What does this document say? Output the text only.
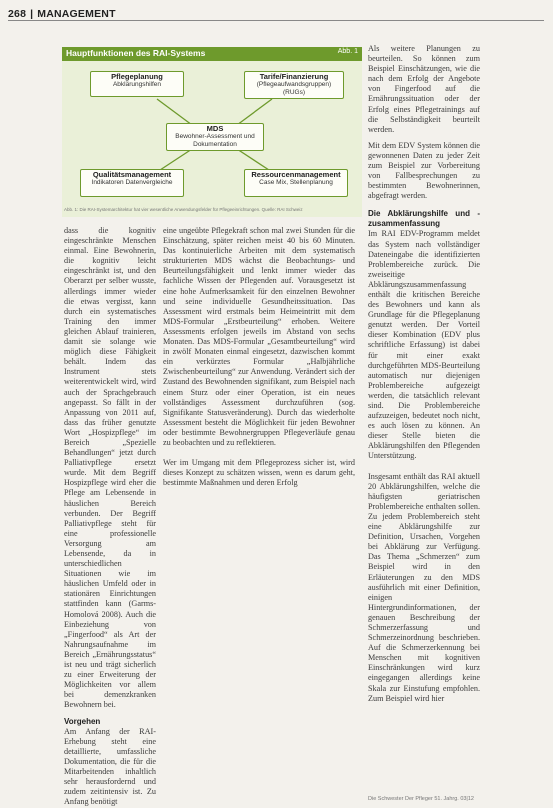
268 | MANAGEMENT
Hauptfunktionen des RAI-Systems	Abb. 1
Pflegeplanung
Abklärungshilfen
Tarife/Finanzierung
(Pflegeaufwandsgruppen) (RUGs)
MDS
Bewohner-Assessment und Dokumentation
Qualitätsmanagement
Indikatoren Datenvergleiche
Ressourcenmanagement
Case Mix, Stellenplanung
Abb. 1: Die RAI-Systemarchitektur hat vier wesentliche Anwendungsfelder für Pflegeeinrichtungen. Quelle: RAI Schweiz

dass die kognitiv eingeschränkte Menschen einmal. Eine Bewohnerin, die kognitiv leicht eingeschränkt ist, und den Oberarzt per selber wusste, allerdings immer wieder die etwas vergisst, kann durch ein systematisches Training den immer gleichen Ablauf trainieren, damit sie solange wie möglich diese Fähigkeit behält. Indem das Instrument stets weiterentwickelt wird, wird auch der Sprachgebrauch angepasst. So fällt in der Anpassung von 2011 auf, dass das früher genutzte Wort „Hospizpflege“ im Bereich „Spezielle Behandlungen“ jetzt durch Palliativpflege ersetzt wurde. Mit dem Begriff Hospizpflege wird eher die Pflege am Lebensende in häuslichen Bereich verbunden. Der Begriff Palliativpflege steht für eine professionelle Versorgung am Lebensende, da in unterschiedlichen Situationen wie im häuslichen Umfeld oder in stationären Einrichtungen stattfinden kann (Garms-Homolová 2008). Auch die Einbeziehung von „Fingerfood“ als Art der Nahrungsaufnahme im Bereich „Ernährungsstatus“ ist neu und trägt sicherlich zu einer Erweiterung der Möglichkeiten vor allem bei demenzkranken Bewohnern bei.

Vorgehen

Am Anfang der RAI-Erhebung steht eine detaillierte, umfassliche Dokumentation, die für die Mitarbeitenden inhaltlich sehr herausfordernd und zudem zeitintensiv ist. Zu Anfang benötigt

eine ungeübte Pflegekraft schon mal zwei Stunden für die Einschätzung, später reichen meist 40 bis 60 Minuten. Das kontinuierliche Arbeiten mit dem systematisch strukturierten MDS wächst die Beobachtungs- und Beurteilungsfähigkeit und lenkt immer wieder das fachliche Wissen der Pflegenden auf. Vorausgesetzt ist eine hohe Aufmerksamkeit für den einzelnen Bewohner und seine individuelle Gesundheitssituation. Das Assessment wird erstmals beim Heimeintritt mit dem MDS-Formular „Erstbeurteilung“ erhoben. Weitere Assessments erfolgen jeweils im Abstand von sechs Monaten. Das MDS-Formular „Gesamtbeurteilung“ wird in zwölf Monaten einmal eingesetzt, dazwischen kommt ein verkürztes Formular „Halbjährliche Zwischenbeurteilung“ zur Anwendung. Verändert sich der Zustand des Bewohnenden signifikant, zum Beispiel nach einem Sturz oder einer Operation, ist ein neues vollständiges Assessment durchzuführen (sog. Signifikante Statusveränderung). Durch das wiederholte Assessment besteht die Möglichkeit für jeden Bewohner oder bestimmte Bewohnergruppen Pflegeverläufe genau zu beobachten und zu reflektieren.

Wer im Umgang mit dem Pflegeprozess sicher ist, wird dieses Konzept zu schätzen wissen, wenn es darum geht, bestimmte Maßnahmen und deren Erfolg

Als weitere Planungen zu beurteilen. So können zum Beispiel Einschätzungen, wie die nach dem Erfolg der Angebote von Fingerfood auf die Ernährungssituation oder der Erfolg eines Pflegetrainings auf die Selbständigkeit beurteilt werden.

Mit dem EDV System können die gewonnenen Daten zu jeder Zeit zum Beispiel zur Vorbereitung von Fallbesprechungen zu bestimmten Bewohnerinnen, abgefragt werden.

Die Abklärungshilfe und -zusammenfassung

Im RAI EDV-Programm meldet das System nach vollständiger Dateneingabe die identifizierten Problembereiche zurück. Die zweiseitige Abklärungszusammenfassung enthält die kritischen Bereiche des Bewohners und kann als Grundlage für die Pflegeplanung genutzt werden. Der Vorteil dieser Kombination (EDV plus schriftliche Erfassung) ist dabei für mit einer exakt durchgeführten MDS-Beurteilung automatisch nur diejenigen Problembereiche aufgezeigt werden, die tatsächlich relevant sind. Die Problembereiche aufzuzeigen, bedeutet noch nicht, es auch lösen zu können. An dieser Stelle bieten die Abklärungshilfen den Pflegenden Unterstützung.

Insgesamt enthält das RAI aktuell 20 Abklärungshilfen, welche die häufigsten geriatrischen Problembereiche enthalten sollen. Zu jedem Problembereich steht eine Abklärungshilfe zur Definition, Ursachen, Vorgehen bei Abklärung zur Verfügung. Das Thema „Schmerzen“ zum Beispiel wird in den Erläuterungen zu den MDS ausführlich mit einer Definition, einigen Hintergrundinformationen, der genauen Beschreibung der Schmerzerfassung und Schmerzeinordnung beschrieben. Auf die Schmerzerkennung bei Menschen mit kognitiven Einschränkungen wird kurz eingegangen allerdings keine Skala zur Einstufung empfohlen. Zum Beispiel wird hier

Die Schwester Der Pfleger 51. Jahrg. 03|12
